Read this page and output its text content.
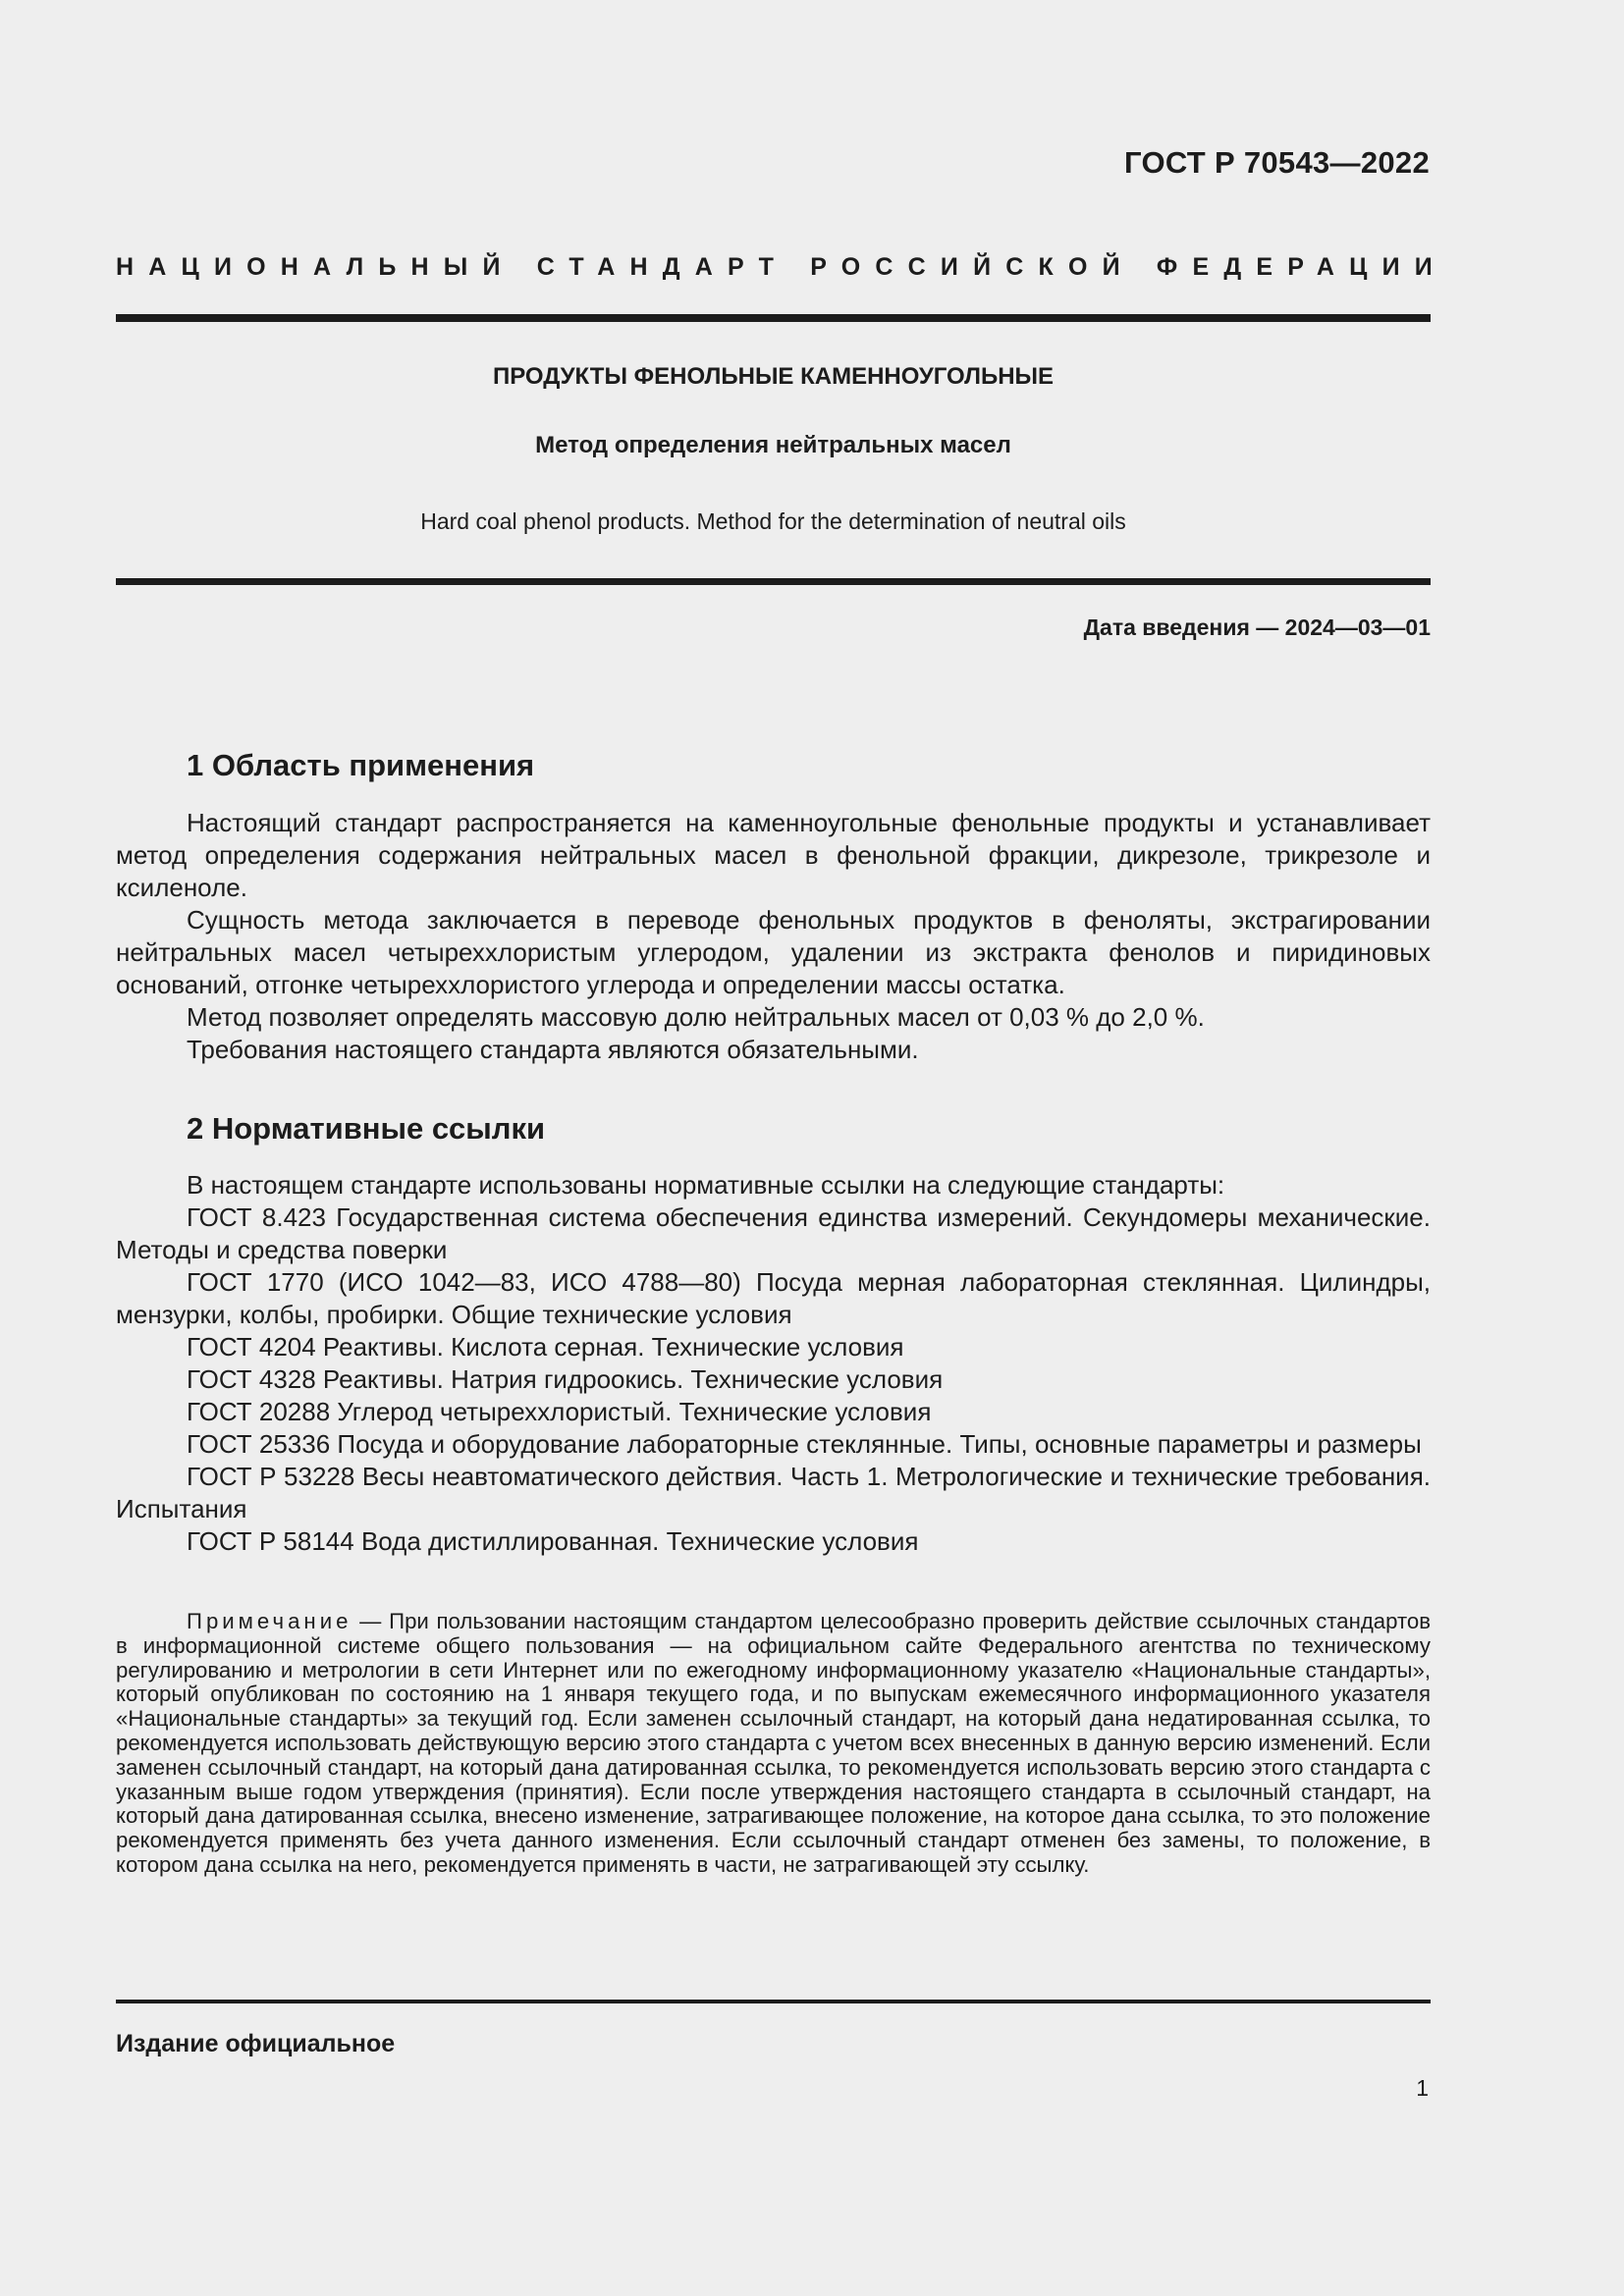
ГОСТ Р 70543—2022
НАЦИОНАЛЬНЫЙ СТАНДАРТ РОССИЙСКОЙ ФЕДЕРАЦИИ
ПРОДУКТЫ ФЕНОЛЬНЫЕ КАМЕННОУГОЛЬНЫЕ
Метод определения нейтральных масел
Hard coal phenol products. Method for the determination of neutral oils
Дата введения — 2024—03—01
1 Область применения

Настоящий стандарт распространяется на каменноугольные фенольные продукты и устанавливает метод определения содержания нейтральных масел в фенольной фракции, дикрезоле, трикрезоле и ксиленоле.

Сущность метода заключается в переводе фенольных продуктов в феноляты, экстрагировании нейтральных масел четыреххлористым углеродом, удалении из экстракта фенолов и пиридиновых оснований, отгонке четыреххлористого углерода и определении массы остатка.

Метод позволяет определять массовую долю нейтральных масел от 0,03 % до 2,0 %.

Требования настоящего стандарта являются обязательными.

2 Нормативные ссылки

В настоящем стандарте использованы нормативные ссылки на следующие стандарты:

ГОСТ 8.423 Государственная система обеспечения единства измерений. Секундомеры механические. Методы и средства поверки

ГОСТ 1770 (ИСО 1042—83, ИСО 4788—80) Посуда мерная лабораторная стеклянная. Цилиндры, мензурки, колбы, пробирки. Общие технические условия

ГОСТ 4204 Реактивы. Кислота серная. Технические условия

ГОСТ 4328 Реактивы. Натрия гидроокись. Технические условия

ГОСТ 20288 Углерод четыреххлористый. Технические условия

ГОСТ 25336 Посуда и оборудование лабораторные стеклянные. Типы, основные параметры и размеры

ГОСТ Р 53228 Весы неавтоматического действия. Часть 1. Метрологические и технические требования. Испытания

ГОСТ Р 58144 Вода дистиллированная. Технические условия

Примечание — При пользовании настоящим стандартом целесообразно проверить действие ссылочных стандартов в информационной системе общего пользования — на официальном сайте Федерального агентства по техническому регулированию и метрологии в сети Интернет или по ежегодному информационному указателю «Национальные стандарты», который опубликован по состоянию на 1 января текущего года, и по выпускам ежемесячного информационного указателя «Национальные стандарты» за текущий год. Если заменен ссылочный стандарт, на который дана недатированная ссылка, то рекомендуется использовать действующую версию этого стандарта с учетом всех внесенных в данную версию изменений. Если заменен ссылочный стандарт, на который дана датированная ссылка, то рекомендуется использовать версию этого стандарта с указанным выше годом утверждения (принятия). Если после утверждения настоящего стандарта в ссылочный стандарт, на который дана датированная ссылка, внесено изменение, затрагивающее положение, на которое дана ссылка, то это положение рекомендуется применять без учета данного изменения. Если ссылочный стандарт отменен без замены, то положение, в котором дана ссылка на него, рекомендуется применять в части, не затрагивающей эту ссылку.

Издание официальное
1
